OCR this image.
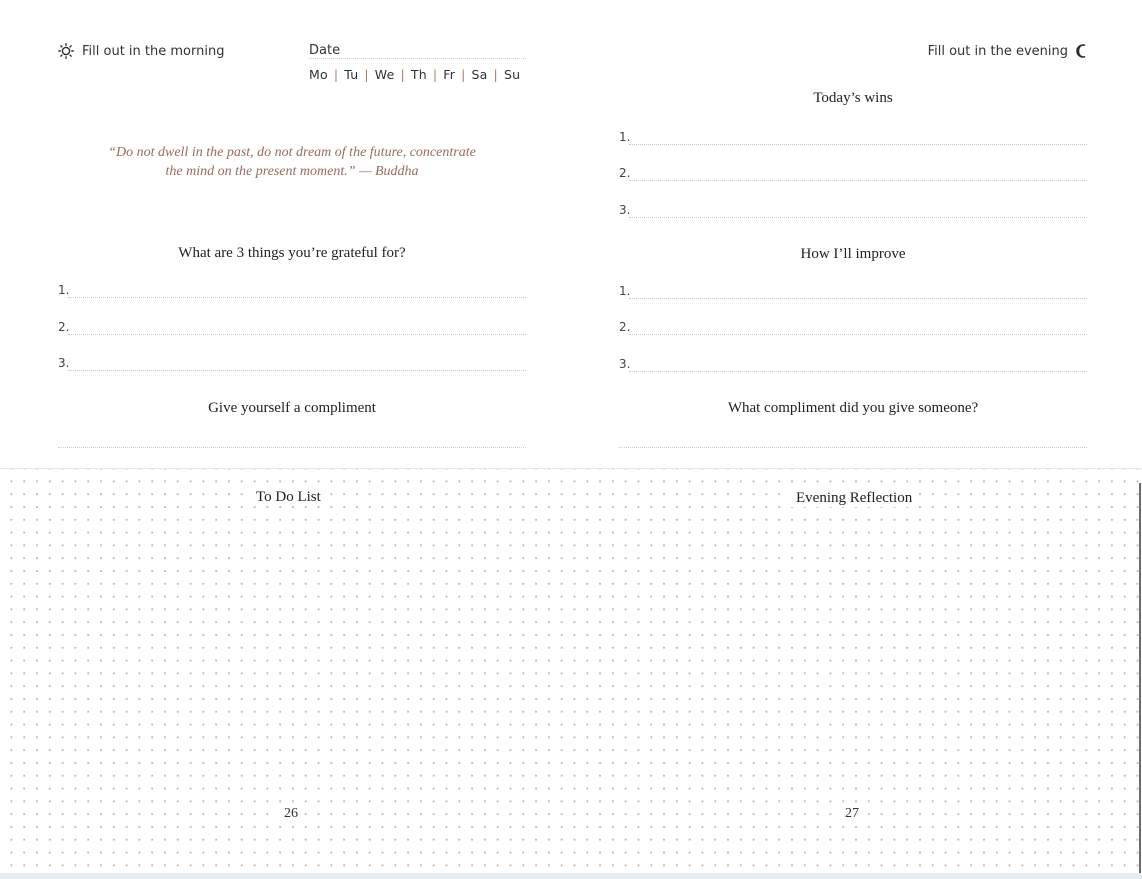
Fill out in the morning	Date
Mo | Tu | We | Th | Fr | Sa | Su
“Do not dwell in the past, do not dream of the future, concentrate
the mind on the present moment.” — Buddha
What are 3 things you’re grateful for?
1.
2.
3.
Give yourself a compliment
Fill out in the evening
Today’s wins
1.
2.
3.
How I’ll improve
1.
2.
3.
What compliment did you give someone?
To Do List	Evening Reflection
26	27
